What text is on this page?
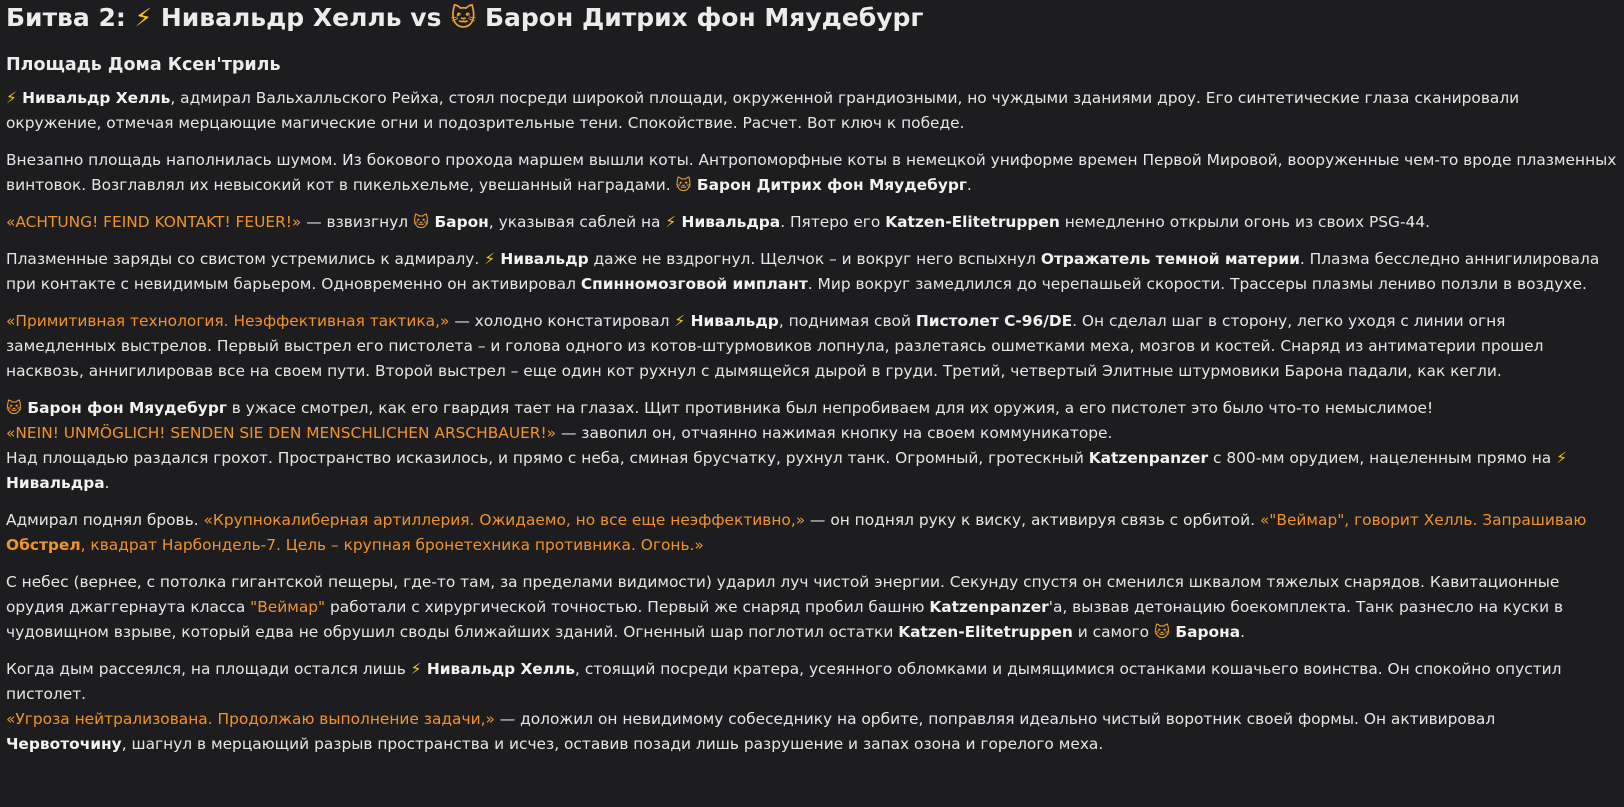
Битва 2: ⚡ Нивальдр Хелль vs 🐱 Барон Дитрих фон Мяудебург
Площадь Дома Ксен'триль

⚡ Нивальдр Хелль, адмирал Вальхалльского Рейха, стоял посреди широкой площади, окруженной грандиозными, но чуждыми зданиями дроу. Его синтетические глаза сканировали окружение, отмечая мерцающие магические огни и подозрительные тени. Спокойствие. Расчет. Вот ключ к победе.

Внезапно площадь наполнилась шумом. Из бокового прохода маршем вышли коты. Антропоморфные коты в немецкой униформе времен Первой Мировой, вооруженные чем-то вроде плазменных винтовок. Возглавлял их невысокий кот в пикельхельме, увешанный наградами. 🐱 Барон Дитрих фон Мяудебург.

«ACHTUNG! FEIND KONTAKT! FEUER!» — взвизгнул 🐱 Барон, указывая саблей на ⚡ Нивальдра. Пятеро его Katzen-Elitetruppen немедленно открыли огонь из своих PSG-44.

Плазменные заряды со свистом устремились к адмиралу. ⚡ Нивальдр даже не вздрогнул. Щелчок – и вокруг него вспыхнул Отражатель темной материи. Плазма бесследно аннигилировала при контакте с невидимым барьером. Одновременно он активировал Спинномозговой имплант. Мир вокруг замедлился до черепашьей скорости. Трассеры плазмы лениво ползли в воздухе.

«Примитивная технология. Неэффективная тактика,» — холодно констатировал ⚡ Нивальдр, поднимая свой Пистолет С-96/DE. Он сделал шаг в сторону, легко уходя с линии огня замедленных выстрелов. Первый выстрел его пистолета – и голова одного из котов-штурмовиков лопнула, разлетаясь ошметками меха, мозгов и костей. Снаряд из антиматерии прошел насквозь, аннигилировав все на своем пути. Второй выстрел – еще один кот рухнул с дымящейся дырой в груди. Третий, четвертый Элитные штурмовики Барона падали, как кегли.

🐱 Барон фон Мяудебург в ужасе смотрел, как его гвардия тает на глазах. Щит противника был непробиваем для их оружия, а его пистолет это было что-то немыслимое!
«NEIN! UNMÖGLICH! SENDEN SIE DEN MENSCHLICHEN ARSCHBAUER!» — завопил он, отчаянно нажимая кнопку на своем коммуникаторе.
Над площадью раздался грохот. Пространство исказилось, и прямо с неба, сминая брусчатку, рухнул танк. Огромный, гротескный Katzenpanzer с 800-мм орудием, нацеленным прямо на ⚡ Нивальдра.

Адмирал поднял бровь. «Крупнокалиберная артиллерия. Ожидаемо, но все еще неэффективно,» — он поднял руку к виску, активируя связь с орбитой. «"Веймар", говорит Хелль. Запрашиваю Обстрел, квадрат Нарбондель-7. Цель – крупная бронетехника противника. Огонь.»

С небес (вернее, с потолка гигантской пещеры, где-то там, за пределами видимости) ударил луч чистой энергии. Секунду спустя он сменился шквалом тяжелых снарядов. Кавитационные орудия джаггернаута класса "Веймар" работали с хирургической точностью. Первый же снаряд пробил башню Katzenpanzer'а, вызвав детонацию боекомплекта. Танк разнесло на куски в чудовищном взрыве, который едва не обрушил своды ближайших зданий. Огненный шар поглотил остатки Katzen-Elitetruppen и самого 🐱 Барона.

Когда дым рассеялся, на площади остался лишь ⚡ Нивальдр Хелль, стоящий посреди кратера, усеянного обломками и дымящимися останками кошачьего воинства. Он спокойно опустил пистолет.
«Угроза нейтрализована. Продолжаю выполнение задачи,» — доложил он невидимому собеседнику на орбите, поправляя идеально чистый воротник своей формы. Он активировал Червоточину, шагнул в мерцающий разрыв пространства и исчез, оставив позади лишь разрушение и запах озона и горелого меха.
